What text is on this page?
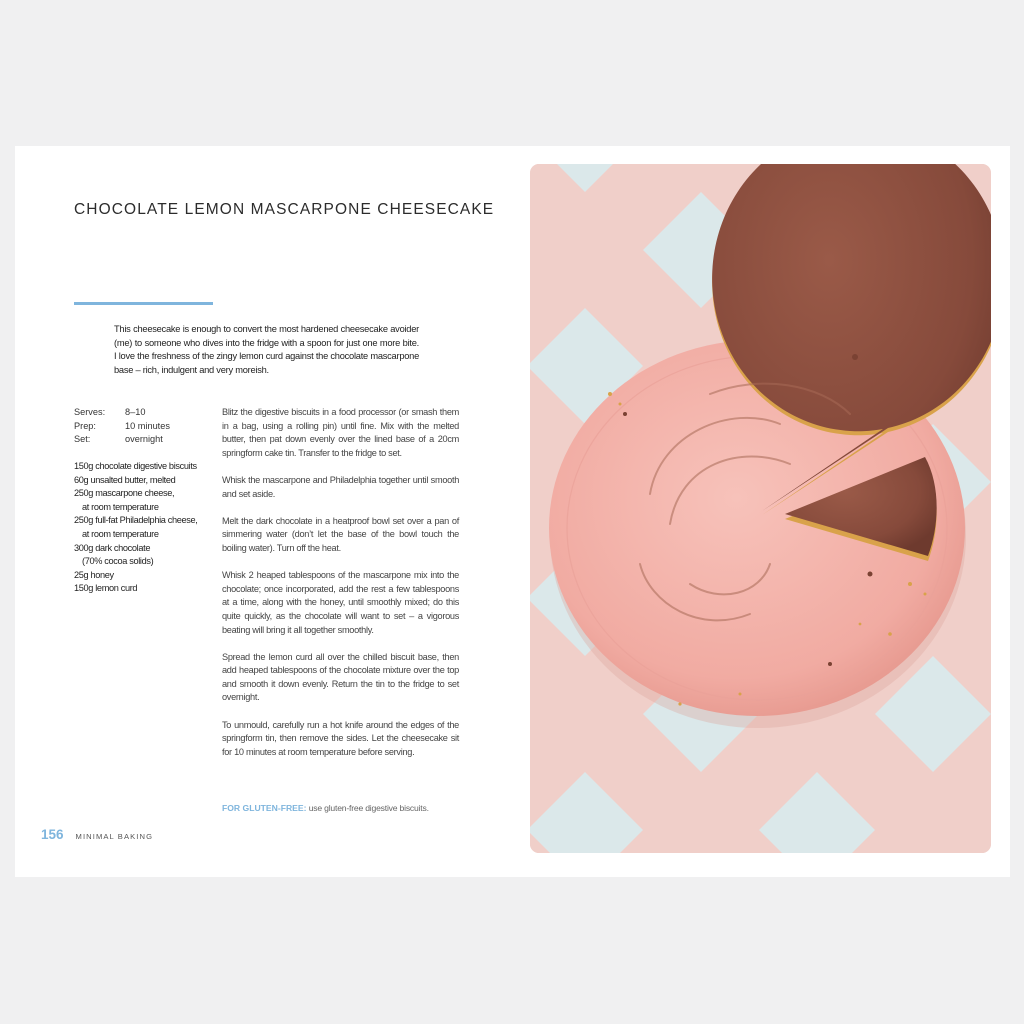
CHOCOLATE LEMON MASCARPONE CHEESECAKE

This cheesecake is enough to convert the most hardened cheesecake avoider (me) to someone who dives into the fridge with a spoon for just one more bite. I love the freshness of the zingy lemon curd against the chocolate mascarpone base – rich, indulgent and very moreish.

Serves:	8–10
Prep:	10 minutes
Set:	overnight
150g chocolate digestive biscuits
60g unsalted butter, melted
250g mascarpone cheese,
at room temperature
250g full-fat Philadelphia cheese,
at room temperature
300g dark chocolate
(70% cocoa solids)
25g honey
150g lemon curd

Blitz the digestive biscuits in a food processor (or smash them in a bag, using a rolling pin) until fine. Mix with the melted butter, then pat down evenly over the lined base of a 20cm springform cake tin. Transfer to the fridge to set.

Whisk the mascarpone and Philadelphia together until smooth and set aside.

Melt the dark chocolate in a heatproof bowl set over a pan of simmering water (don’t let the base of the bowl touch the boiling water). Turn off the heat.

Whisk 2 heaped tablespoons of the mascarpone mix into the chocolate; once incorporated, add the rest a few tablespoons at a time, along with the honey, until smoothly mixed; do this quite quickly, as the chocolate will want to set – a vigorous beating will bring it all together smoothly.

Spread the lemon curd all over the chilled biscuit base, then add heaped tablespoons of the chocolate mixture over the top and smooth it down evenly. Return the tin to the fridge to set overnight.

To unmould, carefully run a hot knife around the edges of the springform tin, then remove the sides. Let the cheesecake sit for 10 minutes at room temperature before serving.

FOR GLUTEN-FREE: use gluten-free digestive biscuits.
156 MINIMAL BAKING
